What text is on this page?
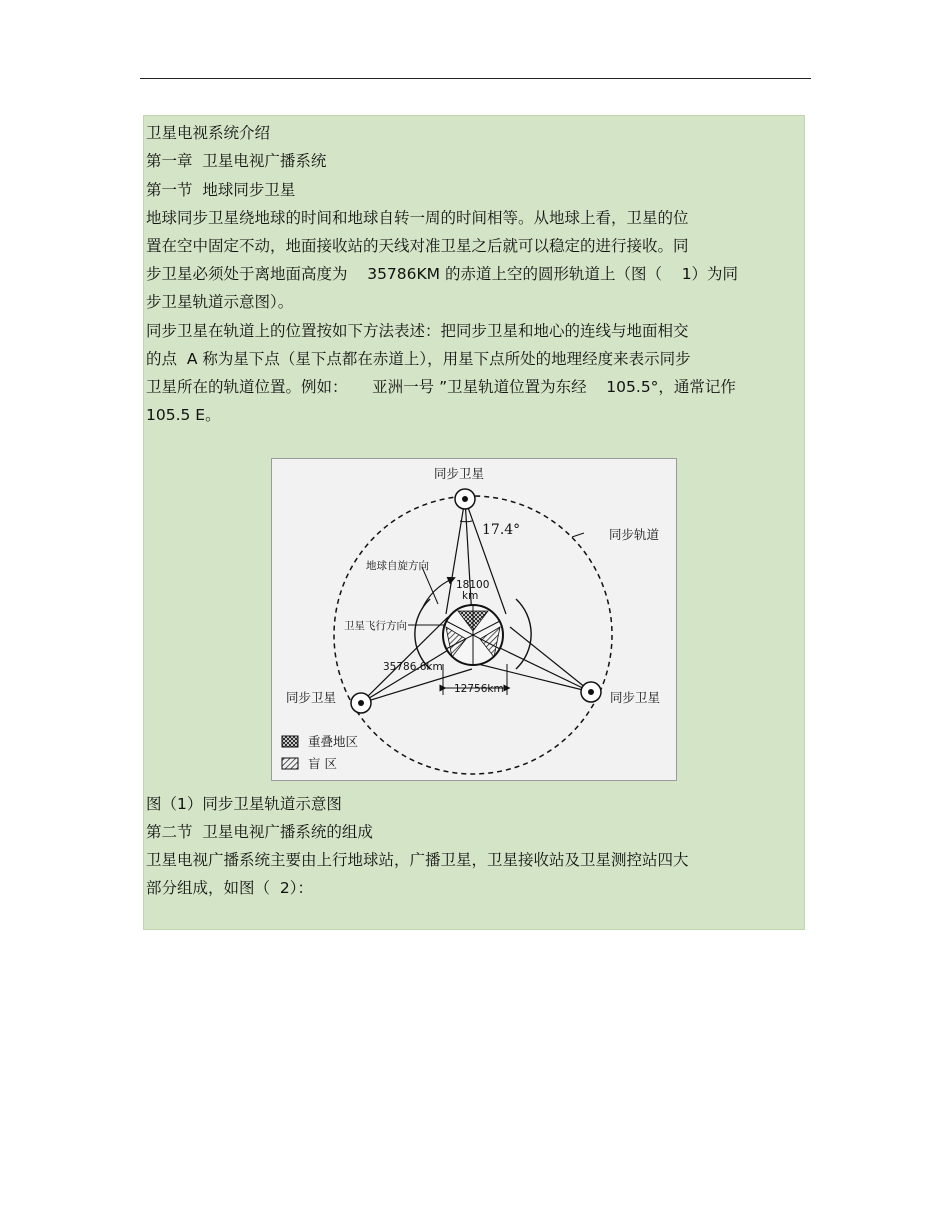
卫星电视系统介绍
第一章  卫星电视广播系统
第一节  地球同步卫星
地球同步卫星绕地球的时间和地球自转一周的时间相等。从地球上看，卫星的位
置在空中固定不动，地面接收站的天线对准卫星之后就可以稳定的进行接收。同
步卫星必须处于离地面高度为    35786KM 的赤道上空的圆形轨道上（图（    1）为同
步卫星轨道示意图）。
同步卫星在轨道上的位置按如下方法表述：把同步卫星和地心的连线与地面相交
的点  A 称为星下点（星下点都在赤道上），用星下点所处的地理经度来表示同步
卫星所在的轨道位置。例如：     亚洲一号 ”卫星轨道位置为东经    105.5°，通常记作
105.5 E。
同步卫星
17.4°	同步轨道
地球自旋方向
18100
km
卫星飞行方向
35786.6km
12756km
同步卫星	同步卫星
重叠地区
盲 区
图（1）同步卫星轨道示意图
第二节  卫星电视广播系统的组成
卫星电视广播系统主要由上行地球站，广播卫星，卫星接收站及卫星测控站四大
部分组成，如图（  2）：
